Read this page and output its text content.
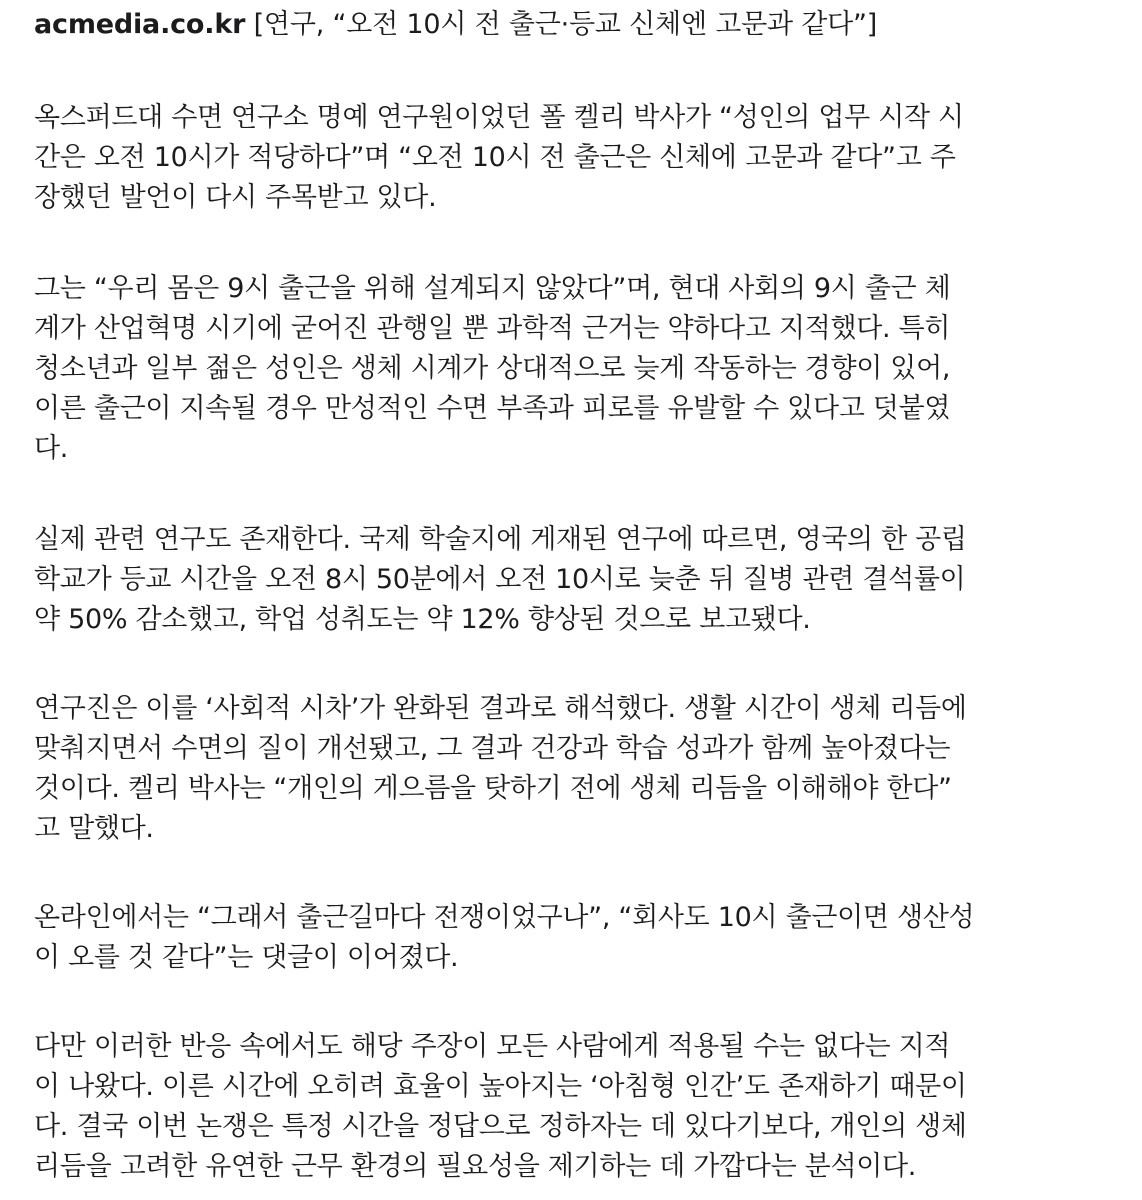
acmedia.co.kr [연구, “오전 10시 전 출근·등교 신체엔 고문과 같다”]

옥스퍼드대 수면 연구소 명예 연구원이었던 폴 켈리 박사가 “성인의 업무 시작 시
간은 오전 10시가 적당하다”며 “오전 10시 전 출근은 신체에 고문과 같다”고 주
장했던 발언이 다시 주목받고 있다.

그는 “우리 몸은 9시 출근을 위해 설계되지 않았다”며, 현대 사회의 9시 출근 체
계가 산업혁명 시기에 굳어진 관행일 뿐 과학적 근거는 약하다고 지적했다. 특히
청소년과 일부 젊은 성인은 생체 시계가 상대적으로 늦게 작동하는 경향이 있어,
이른 출근이 지속될 경우 만성적인 수면 부족과 피로를 유발할 수 있다고 덧붙였
다.

실제 관련 연구도 존재한다. 국제 학술지에 게재된 연구에 따르면, 영국의 한 공립
학교가 등교 시간을 오전 8시 50분에서 오전 10시로 늦춘 뒤 질병 관련 결석률이
약 50% 감소했고, 학업 성취도는 약 12% 향상된 것으로 보고됐다.

연구진은 이를 ‘사회적 시차’가 완화된 결과로 해석했다. 생활 시간이 생체 리듬에
맞춰지면서 수면의 질이 개선됐고, 그 결과 건강과 학습 성과가 함께 높아졌다는
것이다. 켈리 박사는 “개인의 게으름을 탓하기 전에 생체 리듬을 이해해야 한다”
고 말했다.

온라인에서는 “그래서 출근길마다 전쟁이었구나”, “회사도 10시 출근이면 생산성
이 오를 것 같다”는 댓글이 이어졌다.

다만 이러한 반응 속에서도 해당 주장이 모든 사람에게 적용될 수는 없다는 지적
이 나왔다. 이른 시간에 오히려 효율이 높아지는 ‘아침형 인간’도 존재하기 때문이
다. 결국 이번 논쟁은 특정 시간을 정답으로 정하자는 데 있다기보다, 개인의 생체
리듬을 고려한 유연한 근무 환경의 필요성을 제기하는 데 가깝다는 분석이다.
